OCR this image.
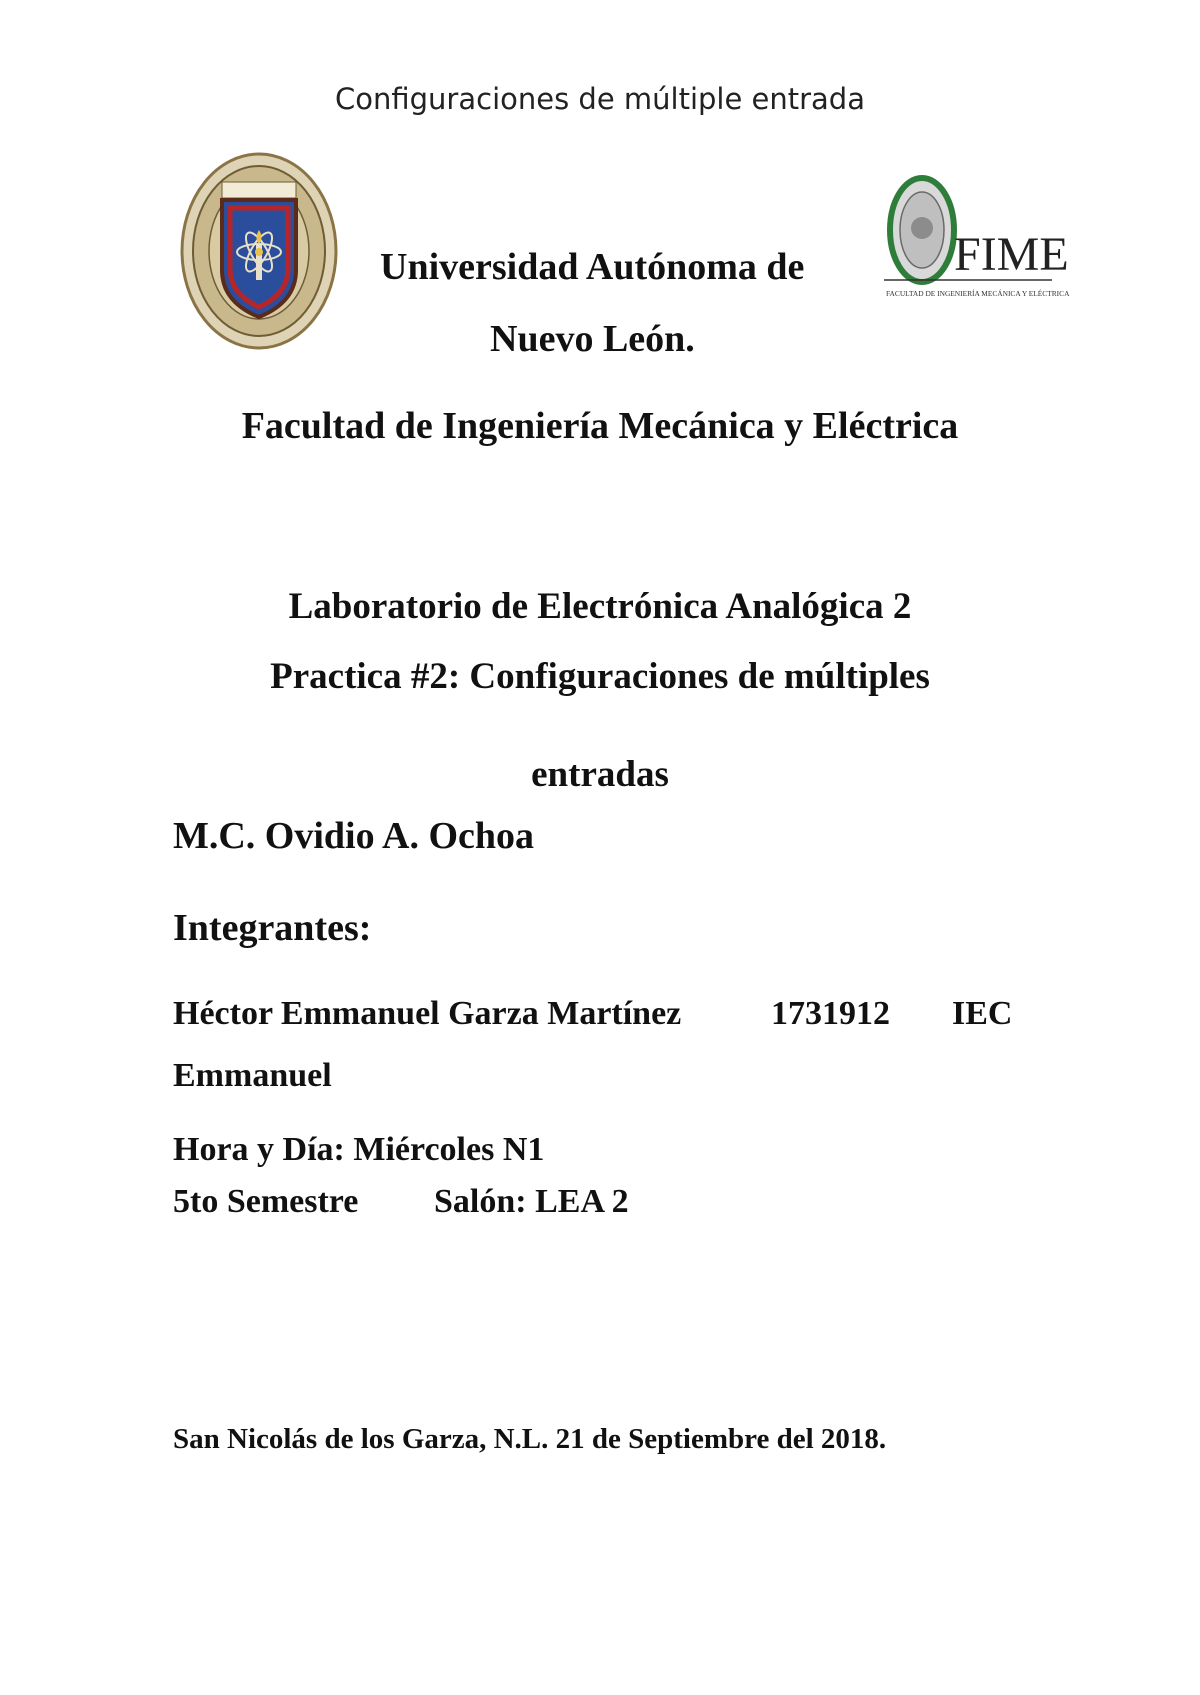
Configuraciones de múltiple entrada
FIME
FACULTAD DE INGENIERÍA MECÁNICA Y ELÉCTRICA
Universidad Autónoma de
Nuevo León.
Facultad de Ingeniería Mecánica y Eléctrica
Laboratorio de Electrónica Analógica 2
Practica #2: Configuraciones de múltiples
entradas
M.C. Ovidio A. Ochoa
Integrantes:
Héctor Emmanuel Garza Martínez	1731912 IEC
Emmanuel
Hora y Día: Miércoles N1
5to Semestre Salón: LEA 2
San Nicolás de los Garza, N.L. 21 de Septiembre del 2018.
